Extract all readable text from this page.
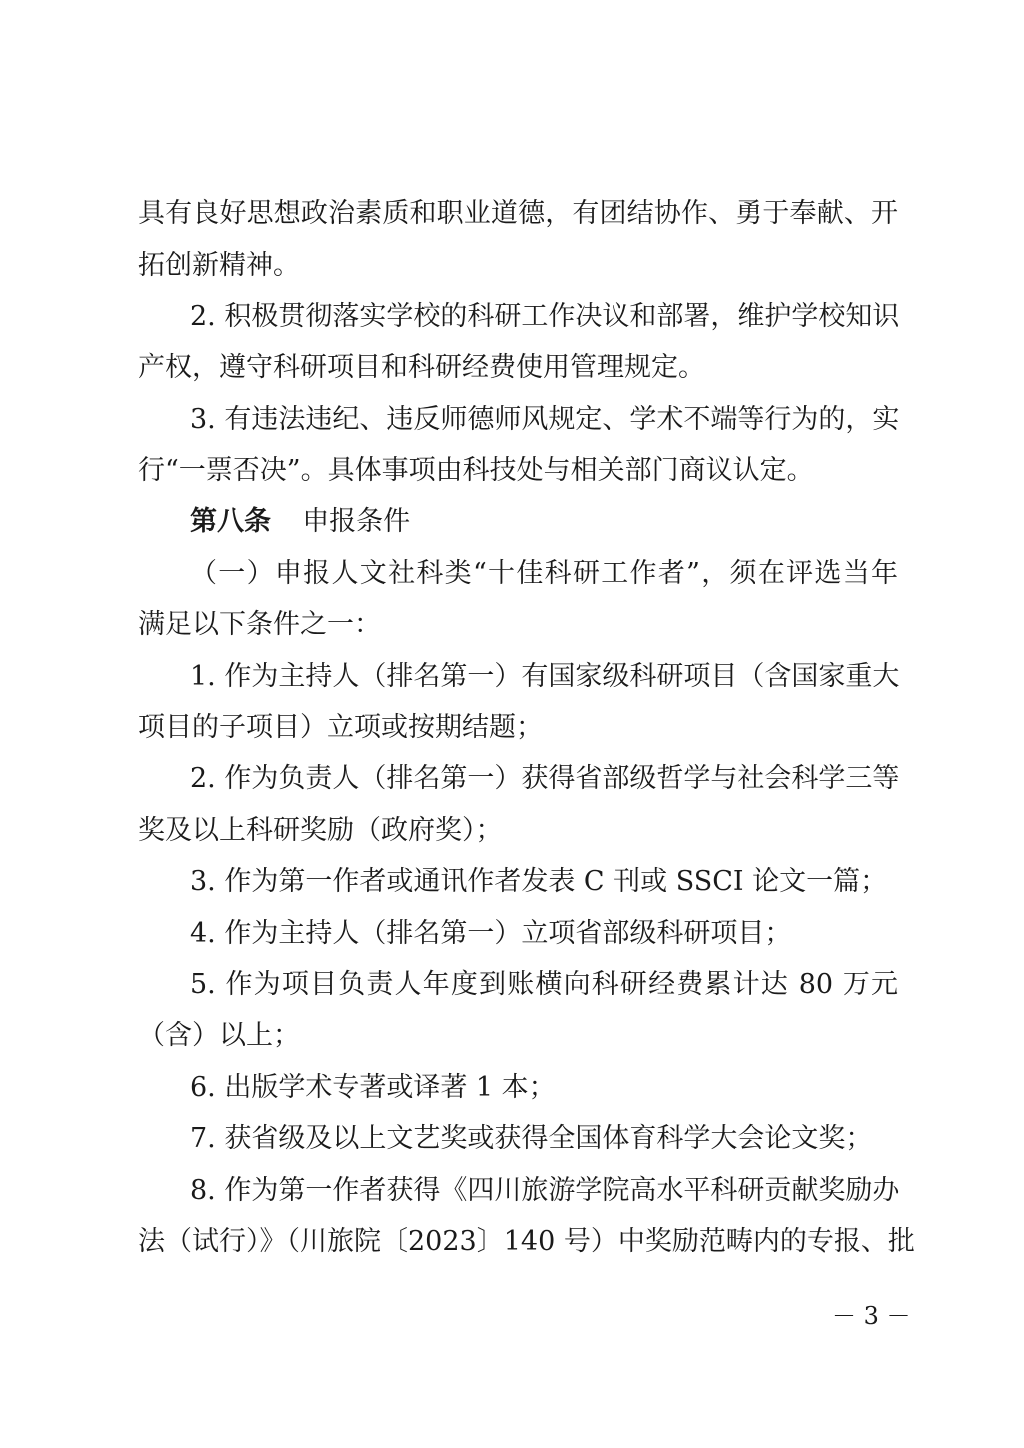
具有良好思想政治素质和职业道德，有团结协作、勇于奉献、开
拓创新精神。
2. 积极贯彻落实学校的科研工作决议和部署，维护学校知识
产权，遵守科研项目和科研经费使用管理规定。
3. 有违法违纪、违反师德师风规定、学术不端等行为的，实
行“一票否决”。具体事项由科技处与相关部门商议认定。
第八条 申报条件
（一）申报人文社科类“十佳科研工作者”，须在评选当年
满足以下条件之一：
1. 作为主持人（排名第一）有国家级科研项目（含国家重大
项目的子项目）立项或按期结题；
2. 作为负责人（排名第一）获得省部级哲学与社会科学三等
奖及以上科研奖励（政府奖）；
3. 作为第一作者或通讯作者发表 C 刊或 SSCI 论文一篇；
4. 作为主持人（排名第一）立项省部级科研项目；
5. 作为项目负责人年度到账横向科研经费累计达 80 万元
（含）以上；
6. 出版学术专著或译著 1 本；
7. 获省级及以上文艺奖或获得全国体育科学大会论文奖；
8. 作为第一作者获得《四川旅游学院高水平科研贡献奖励办
法（试行）》（川旅院〔2023〕140 号）中奖励范畴内的专报、批
－ 3 －
